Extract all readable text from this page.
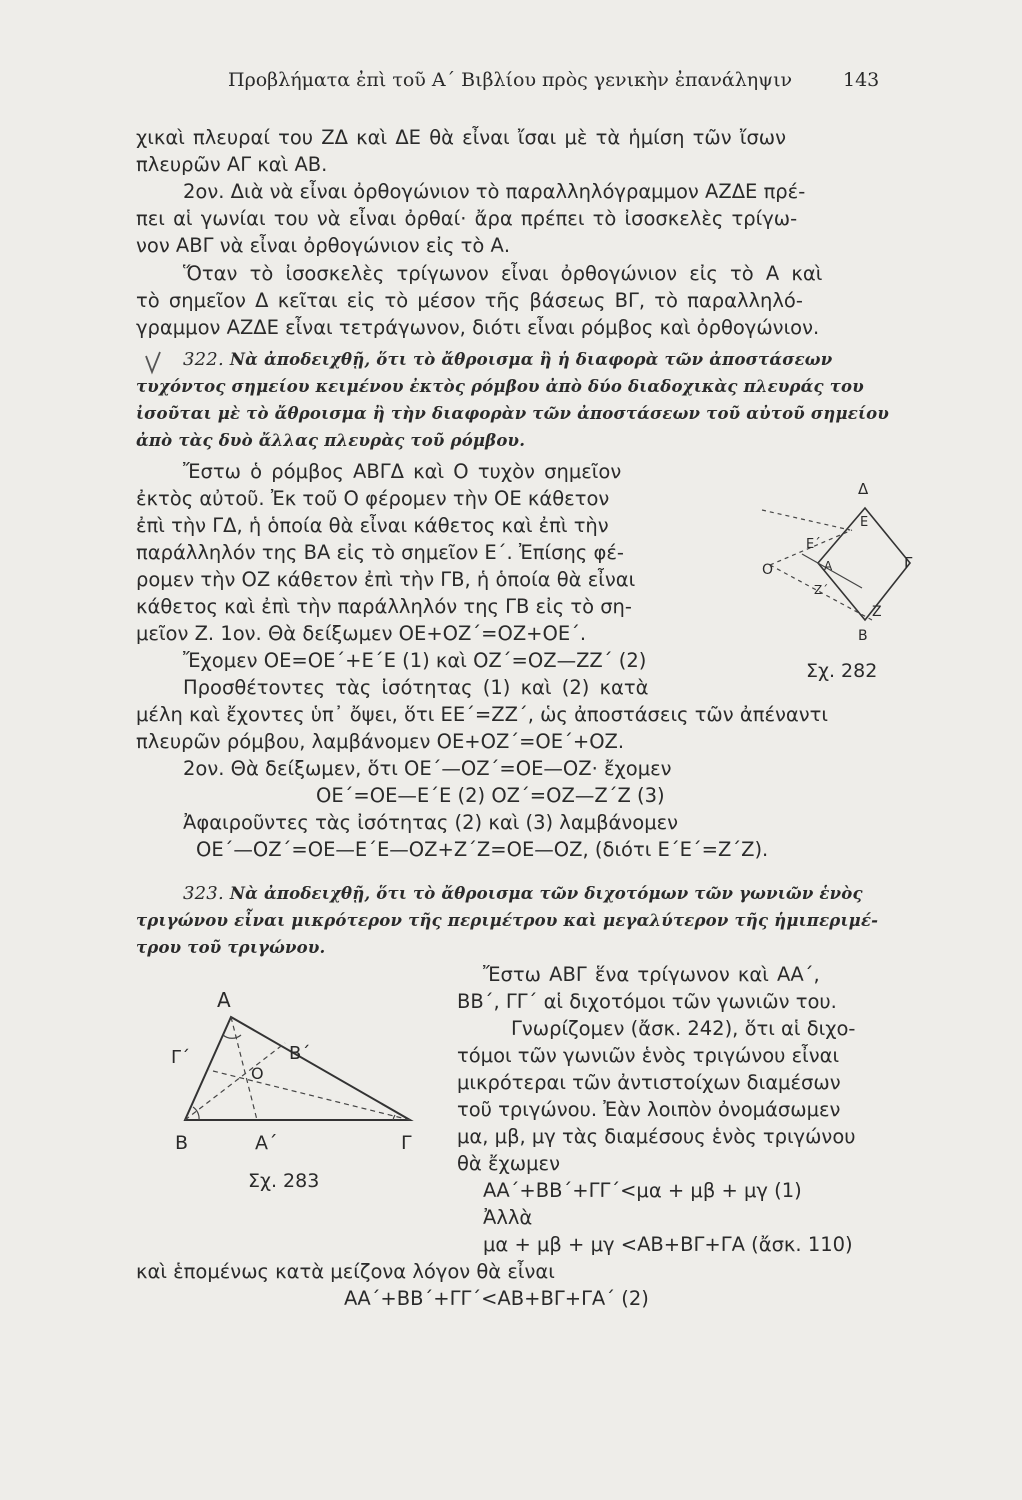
Προβλήματα ἐπὶ τοῦ Α΄ Βιβλίου πρὸς γενικὴν ἐπανάληψιν	143
χικαὶ πλευραί του ΖΔ καὶ ΔΕ θὰ εἶναι ἴσαι μὲ τὰ ἡμίση τῶν ἴσων
πλευρῶν ΑΓ καὶ ΑΒ.
2ον. Διὰ νὰ εἶναι ὀρθογώνιον τὸ παραλληλόγραμμον ΑΖΔΕ πρέ-
πει αἱ γωνίαι του νὰ εἶναι ὀρθαί· ἄρα πρέπει τὸ ἰσοσκελὲς τρίγω-
νον ΑΒΓ νὰ εἶναι ὀρθογώνιον εἰς τὸ Α.
Ὅταν τὸ ἰσοσκελὲς τρίγωνον εἶναι ὀρθογώνιον εἰς τὸ Α καὶ
τὸ σημεῖον Δ κεῖται εἰς τὸ μέσον τῆς βάσεως ΒΓ, τὸ παραλληλό-
γραμμον ΑΖΔΕ εἶναι τετράγωνον, διότι εἶναι ρόμβος καὶ ὀρθογώνιον.
322. Νὰ ἀποδειχθῇ, ὅτι τὸ ἄθροισμα ἢ ἡ διαφορὰ τῶν ἀποστάσεων
τυχόντος σημείου κειμένου ἐκτὸς ρόμβου ἀπὸ δύο διαδοχικὰς πλευράς του
ἰσοῦται μὲ τὸ ἄθροισμα ἢ τὴν διαφορὰν τῶν ἀποστάσεων τοῦ αὐτοῦ σημείου
ἀπὸ τὰς δυὸ ἄλλας πλευρὰς τοῦ ρόμβου.
Ἔστω ὁ ρόμβος ΑΒΓΔ καὶ Ο τυχὸν σημεῖον
ἐκτὸς αὐτοῦ. Ἐκ τοῦ Ο φέρομεν τὴν ΟΕ κάθετον
ἐπὶ τὴν ΓΔ, ἡ ὁποία θὰ εἶναι κάθετος καὶ ἐπὶ τὴν
παράλληλόν της ΒΑ εἰς τὸ σημεῖον Ε΄. Ἐπίσης φέ-
ρομεν τὴν ΟΖ κάθετον ἐπὶ τὴν ΓΒ, ἡ ὁποία θὰ εἶναι
κάθετος καὶ ἐπὶ τὴν παράλληλόν της ΓΒ εἰς τὸ ση-
μεῖον Ζ. 1ον. Θὰ δείξωμεν ΟΕ+ΟΖ΄=ΟΖ+ΟΕ΄.
Ἔχομεν ΟΕ=ΟΕ΄+Ε΄Ε (1) καὶ ΟΖ΄=ΟΖ—ΖΖ΄ (2)
Προσθέτοντες τὰς ἰσότητας (1) καὶ (2) κατὰ
μέλη καὶ ἔχοντες ὑπ᾽ ὄψει, ὅτι ΕΕ΄=ΖΖ΄, ὡς ἀποστάσεις τῶν ἀπέναντι
πλευρῶν ρόμβου, λαμβάνομεν ΟΕ+ΟΖ΄=ΟΕ΄+ΟΖ.
2ον. Θὰ δείξωμεν, ὅτι ΟΕ΄—ΟΖ΄=ΟΕ—ΟΖ· ἔχομεν
ΟΕ΄=ΟΕ—Ε΄Ε (2) ΟΖ΄=ΟΖ—Ζ΄Ζ (3)
Ἀφαιροῦντες τὰς ἰσότητας (2) καὶ (3) λαμβάνομεν
ΟΕ΄—ΟΖ΄=ΟΕ—Ε΄Ε—ΟΖ+Ζ΄Ζ=ΟΕ—ΟΖ, (διότι Ε΄Ε΄=Ζ΄Ζ).
Δ
Ε
Ε΄
Ο	Α	Γ
Ζ΄
Ζ
Β
Σχ. 282
323. Νὰ ἀποδειχθῇ, ὅτι τὸ ἄθροισμα τῶν διχοτόμων τῶν γωνιῶν ἑνὸς
τριγώνου εἶναι μικρότερον τῆς περιμέτρου καὶ μεγαλύτερον τῆς ἡμιπεριμέ-
τρου τοῦ τριγώνου.
Α
Γ΄
Ο
Β΄
Β	Α΄	Γ
Σχ. 283
Ἔστω ΑΒΓ ἕνα τρίγωνον καὶ ΑΑ΄,
ΒΒ΄, ΓΓ΄ αἱ διχοτόμοι τῶν γωνιῶν του.
Γνωρίζομεν (ἄσκ. 242), ὅτι αἱ διχο-
τόμοι τῶν γωνιῶν ἑνὸς τριγώνου εἶναι
μικρότεραι τῶν ἀντιστοίχων διαμέσων
τοῦ τριγώνου. Ἐὰν λοιπὸν ὀνομάσωμεν
μα, μβ, μγ τὰς διαμέσους ἑνὸς τριγώνου
θὰ ἔχωμεν
ΑΑ΄+ΒΒ΄+ΓΓ΄<μα + μβ + μγ (1)
Ἀλλὰ
μα + μβ + μγ <ΑΒ+ΒΓ+ΓΑ (ἄσκ. 110)
καὶ ἑπομένως κατὰ μείζονα λόγον θὰ εἶναι
ΑΑ΄+ΒΒ΄+ΓΓ΄<ΑΒ+ΒΓ+ΓΑ΄ (2)
